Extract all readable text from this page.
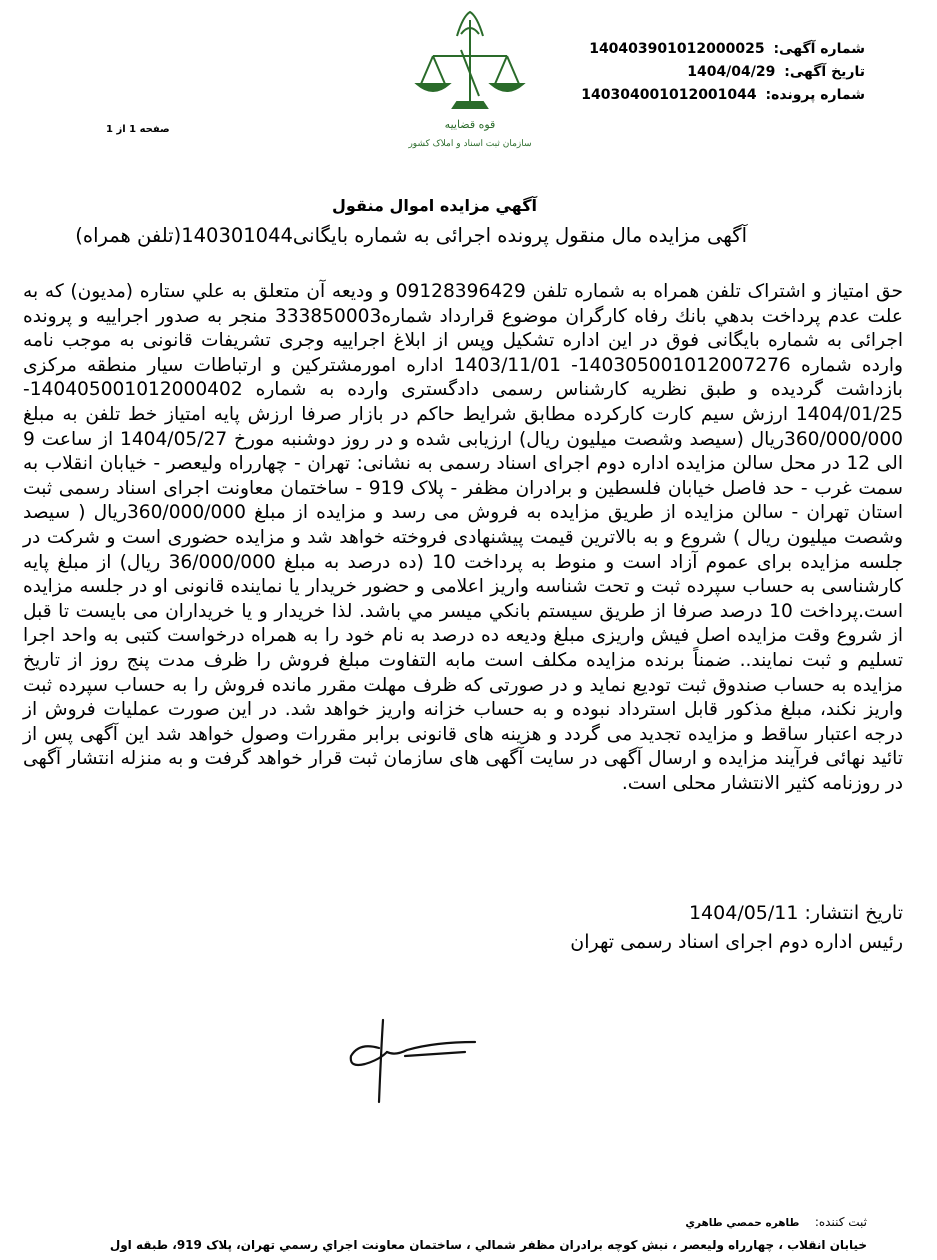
شماره آگهی: 140403901012000025
تاریخ آگهی: 1404/04/29
شماره پرونده: 140304001012001044
قوه قضاییه
سازمان ثبت اسناد و املاک کشور
صفحه 1 از 1
آگهي مزايده اموال منقول
آگهی مزایده مال منقول پرونده اجرائی به شماره بایگانی140301044(تلفن همراه)
حق امتیاز و اشتراک تلفن همراه به شماره تلفن 09128396429 و ودیعه آن متعلق به علي ستاره (مدیون) که به علت عدم پرداخت بدهي بانك رفاه کارگران موضوع قرارداد شماره333850003 منجر به صدور اجراییه و پرونده اجرائی به شماره بایگانی فوق در این اداره تشکیل وپس از ابلاغ اجراییه وجری تشریفات قانونی به موجب نامه وارده شماره 140305001012007276- 1403/11/01 اداره امورمشترکین و ارتباطات سیار منطقه مرکزی بازداشت گردیده و طبق نظریه کارشناس رسمی دادگستری وارده به شماره 140405001012000402-1404/01/25 ارزش سیم کارت کارکرده مطابق شرایط حاکم در بازار صرفا ارزش پایه امتیاز خط تلفن به مبلغ 360/000/000ریال (سیصد وشصت میلیون ریال) ارزیابی شده و در روز دوشنبه مورخ 1404/05/27 از ساعت 9 الی 12 در محل سالن مزایده اداره دوم اجرای اسناد رسمی به نشانی: تهران - چهارراه ولیعصر - خیابان انقلاب به سمت غرب - حد فاصل خیابان فلسطین و برادران مظفر - پلاک 919 - ساختمان معاونت اجرای اسناد رسمی ثبت استان تهران - سالن مزایده از طریق مزایده به فروش می رسد و مزایده از مبلغ 360/000/000ریال ( سیصد وشصت میلیون ریال ) شروع و به بالاترین قیمت پیشنهادی فروخته خواهد شد و مزایده حضوری است و شرکت در جلسه مزایده برای عموم آزاد است و منوط به پرداخت 10 (ده درصد به مبلغ 36/000/000 ریال) از مبلغ پایه کارشناسی به حساب سپرده ثبت و تحت شناسه واریز اعلامی و حضور خریدار یا نماینده قانونی او در جلسه مزایده است.پرداخت 10 درصد صرفا از طریق سیستم بانکي میسر مي باشد. لذا خریدار و یا خریداران می بایست تا قبل از شروع وقت مزایده اصل فیش واریزی مبلغ ودیعه ده درصد به نام خود را به همراه درخواست کتبی به واحد اجرا تسلیم و ثبت نمایند.. ضمناً برنده مزایده مکلف است مابه التفاوت مبلغ فروش را ظرف مدت پنج روز از تاریخ مزایده به حساب صندوق ثبت تودیع نماید و در صورتی که ظرف مهلت مقرر مانده فروش را به حساب سپرده ثبت واریز نکند، مبلغ مذکور قابل استرداد نبوده و به حساب خزانه واریز خواهد شد. در این صورت عملیات فروش از درجه اعتبار ساقط و مزایده تجدید می گردد و هزینه های قانونی برابر مقررات وصول خواهد شد این آگهی پس از تائید نهائی فرآیند مزایده و ارسال آگهی در سایت آگهی های سازمان ثبت قرار خواهد گرفت و به منزله انتشار آگهی در روزنامه کثیر الانتشار محلی است.
تاریخ انتشار: 1404/05/11
رئیس اداره دوم اجرای اسناد رسمی تهران
ثبت کننده: طاهره حمصي طاهري
خيابان انقلاب ، چهارراه وليعصر ، نبش کوچه برادران مظفر شمالي ، ساختمان معاونت اجراي رسمي تهران، پلاک 919، طبقه اول
